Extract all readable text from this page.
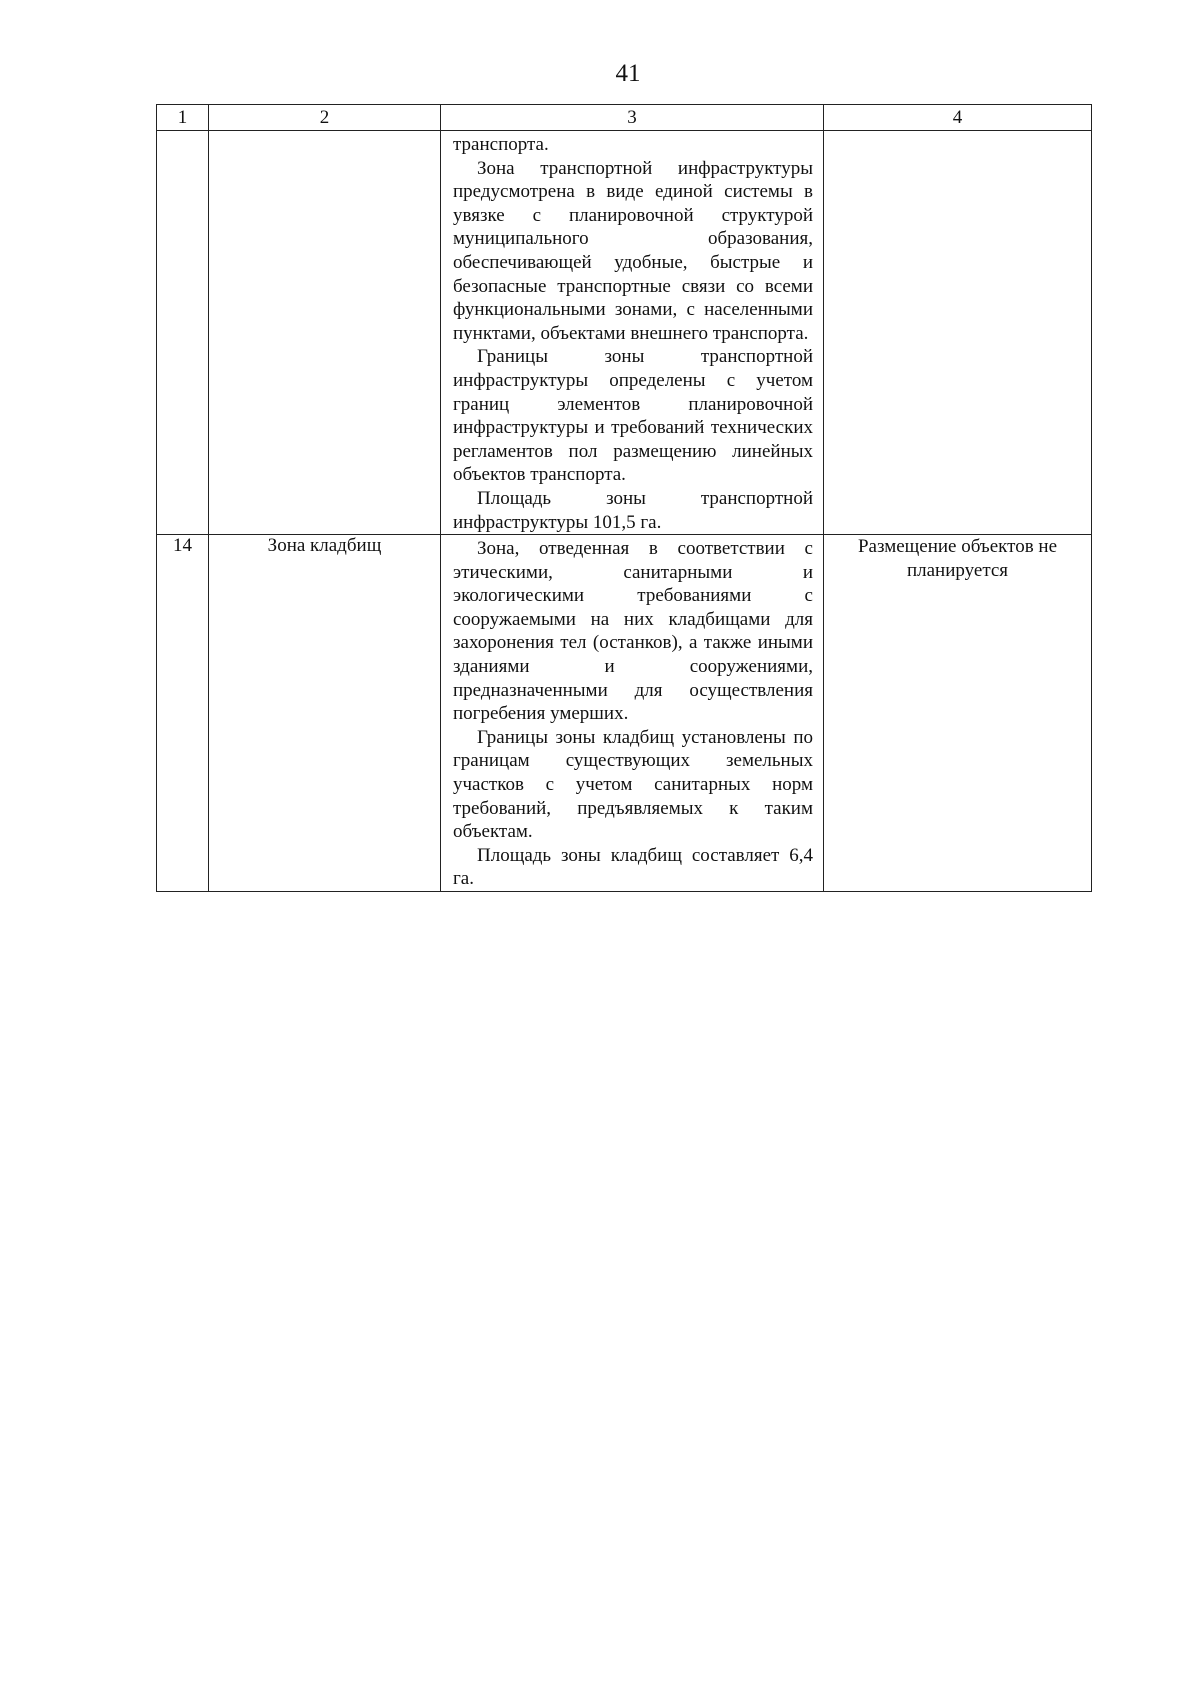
41
1	2	3	4

		транспорта.

Зона транспортной инфраструктуры предусмотрена в виде единой системы в увязке с планировочной структурой муниципального образования, обеспечивающей удобные, быстрые и безопасные транспортные связи со всеми функциональными зонами, с населенными пунктами, объектами внешнего транспорта.

Границы зоны транспортной инфраструктуры определены с учетом границ элементов планировочной инфраструктуры и требований технических регламентов пол размещению линейных объектов транспорта.

Площадь зоны транспортной инфраструктуры 101,5 га.	

14	Зона кладбищ	Зона, отведенная в соответствии с этическими, санитарными и экологическими требованиями с сооружаемыми на них кладбищами для захоронения тел (останков), а также иными зданиями и сооружениями, предназначенными для осуществления погребения умерших.

Границы зоны кладбищ установлены по границам существующих земельных участков с учетом санитарных норм требований, предъявляемых к таким объектам.

Площадь зоны кладбищ составляет 6,4 га.	Размещение объектов не планируется
